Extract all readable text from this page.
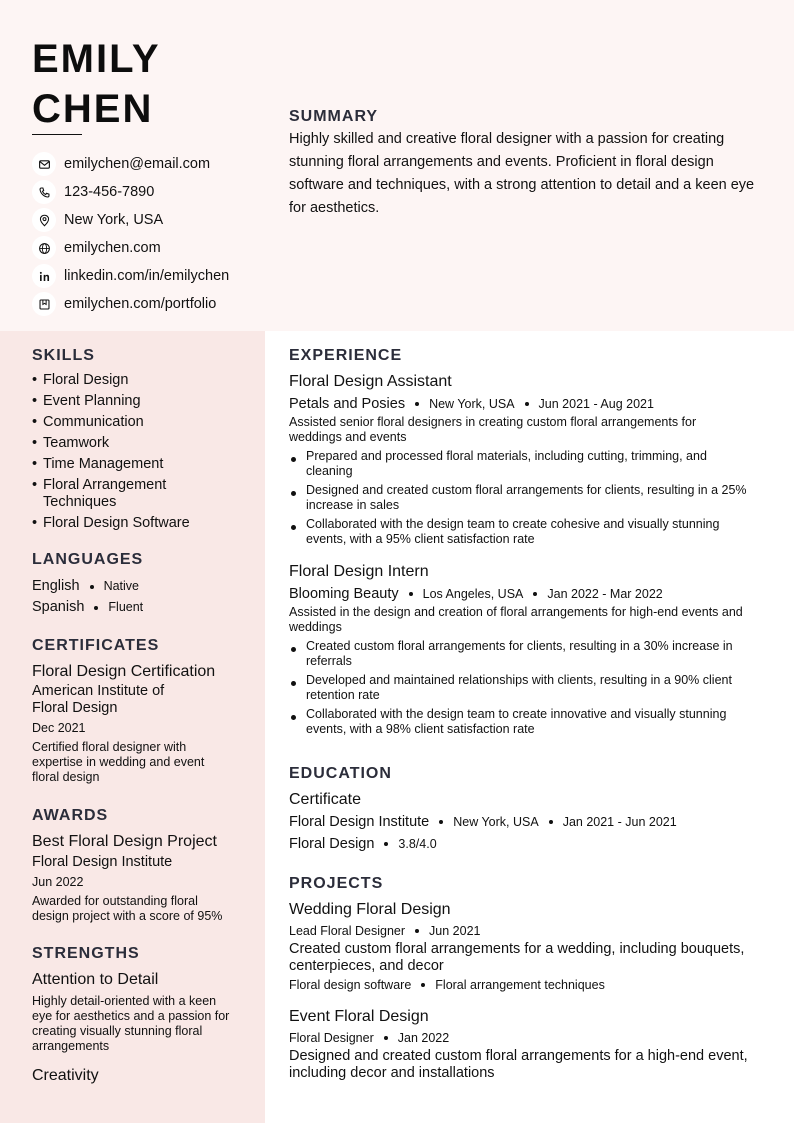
EMILY
CHEN
emilychen@email.com
123-456-7890
New York, USA
emilychen.com
linkedin.com/in/emilychen
emilychen.com/portfolio
SUMMARY
Highly skilled and creative floral designer with a passion for creating stunning floral arrangements and events. Proficient in floral design software and techniques, with a strong attention to detail and a keen eye for aesthetics.
SKILLS
• Floral Design
• Event Planning
• Communication
• Teamwork
• Time Management
• Floral Arrangement Techniques
• Floral Design Software
LANGUAGES
English Native
Spanish Fluent
CERTIFICATES
Floral Design Certification
American Institute of Floral Design
Dec 2021
Certified floral designer with expertise in wedding and event floral design
AWARDS
Best Floral Design Project
Floral Design Institute
Jun 2022
Awarded for outstanding floral design project with a score of 95%
STRENGTHS
Attention to Detail
Highly detail-oriented with a keen eye for aesthetics and a passion for creating visually stunning floral arrangements
Creativity
EXPERIENCE
Floral Design Assistant
Petals and Posies New York, USA Jun 2021 - Aug 2021
Assisted senior floral designers in creating custom floral arrangements for weddings and events
Prepared and processed floral materials, including cutting, trimming, and cleaning
Designed and created custom floral arrangements for clients, resulting in a 25% increase in sales
Collaborated with the design team to create cohesive and visually stunning events, with a 95% client satisfaction rate
Floral Design Intern
Blooming Beauty Los Angeles, USA Jan 2022 - Mar 2022
Assisted in the design and creation of floral arrangements for high-end events and weddings
Created custom floral arrangements for clients, resulting in a 30% increase in referrals
Developed and maintained relationships with clients, resulting in a 90% client retention rate
Collaborated with the design team to create innovative and visually stunning events, with a 98% client satisfaction rate
EDUCATION
Certificate
Floral Design Institute New York, USA Jan 2021 - Jun 2021
Floral Design 3.8/4.0
PROJECTS
Wedding Floral Design
Lead Floral Designer Jun 2021
Created custom floral arrangements for a wedding, including bouquets, centerpieces, and decor
Floral design software Floral arrangement techniques
Event Floral Design
Floral Designer Jan 2022
Designed and created custom floral arrangements for a high-end event, including decor and installations
